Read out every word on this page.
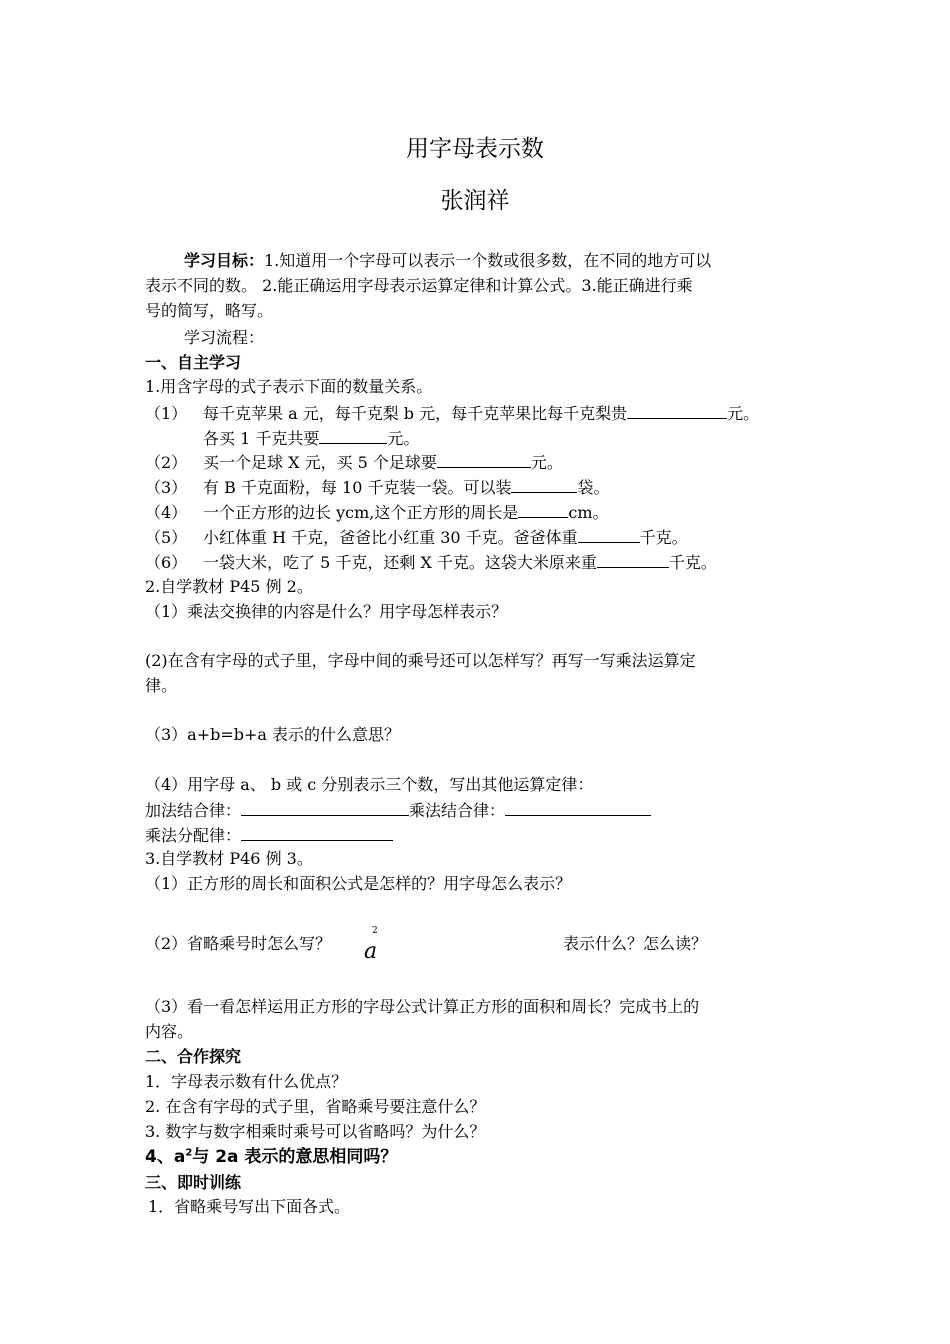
用字母表示数
张润祥
学习目标：1.知道用一个字母可以表示一个数或很多数，在不同的地方可以
表示不同的数。 2.能正确运用字母表示运算定律和计算公式。3.能正确进行乘
号的简写，略写。
学习流程：
一、自主学习
1.用含字母的式子表示下面的数量关系。
（1） 每千克苹果 a 元，每千克梨 b 元，每千克苹果比每千克梨贵	元。
各买 1 千克共要	元。
（2） 买一个足球 X 元，买 5 个足球要	元。
（3） 有 B 千克面粉，每 10 千克装一袋。可以装	袋。
（4） 一个正方形的边长 ycm,这个正方形的周长是	cm。
（5） 小红体重 H 千克，爸爸比小红重 30 千克。爸爸体重	千克。
（6） 一袋大米，吃了 5 千克，还剩 X 千克。这袋大米原来重	千克。
2.自学教材 P45 例 2。
（1）乘法交换律的内容是什么？用字母怎样表示？
(2)在含有字母的式子里，字母中间的乘号还可以怎样写？再写一写乘法运算定
律。
（3）a+b=b+a 表示的什么意思？
（4）用字母 a、 b 或 c 分别表示三个数，写出其他运算定律：
加法结合律：	乘法结合律：
乘法分配律：
3.自学教材 P46 例 3。
（1）正方形的周长和面积公式是怎样的？用字母怎么表示？
（2）省略乘号时怎么写？ a
2
表示什么？怎么读？
（3）看一看怎样运用正方形的字母公式计算正方形的面积和周长？完成书上的
内容。
二、合作探究
1．字母表示数有什么优点？
2. 在含有字母的式子里，省略乘号要注意什么？
3. 数字与数字相乘时乘号可以省略吗？为什么？
4、$a^2$与 2a 表示的意思相同吗？
三、即时训练
1．省略乘号写出下面各式。
